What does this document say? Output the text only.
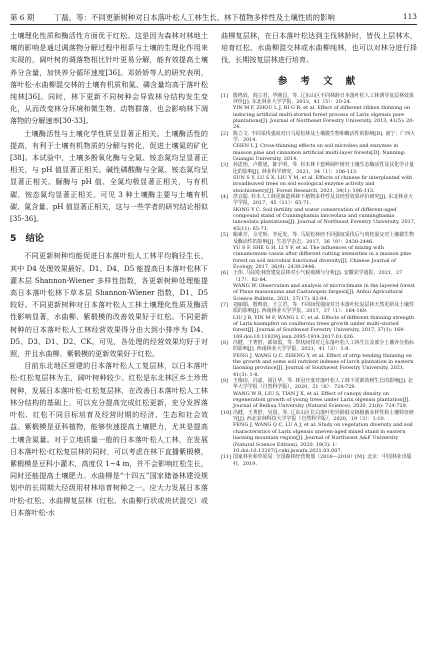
第 6 期	丁磊，等：不同更新树种对日本落叶松人工林生长、林下植物多样性及土壤性质的影响	113

土壤理化性质和酶活性方面优于红松。这是因为森林对林地土壤的影响是通过调落物分解过程中根系与土壤的生理化作用来实现的，阔叶树的调落物相比针叶更易分解，能有效提高土壤养分含量，加快养分循环速度[36]。邓娇娇等人的研究表明，落叶松-水曲柳混交林的土壤有机质和氮、磷含量均高于落叶松纯林[36]。同时，林下更新不同树种会导致林分结构发生变化，从而改变林分环境和微生物、动物群落，也会影响林下凋落物的分解速率[30-33]。

土壤酶活性与土壤化学性质呈显著正相关。土壤酶活性的提高，有利于土壤有机物质的分解与转化，促进土壤氮的矿化[38]。本试验中，土壤多酚氧化酶与全氮、铵态氮均呈显著正相关，与 pH 值显著正相关。碱性磷酸酶与全氮、铵态氮均呈显著正相关。脲酶与 pH 值、全氮均极显著正相关，与有机碳、铵态氮均显著正相关。可见 3 种土壤酶主要与土壤有机碳、氮含量、pH 值显著正相关，这与一些学者的研究结论相似[35-36]。

5　结论

不同更新树种均能促进日本落叶松人工林平均胸径生长，其中 D4 处理效果最好。D1、D4、D5 能提高日本落叶松林下灌木层 Shannon-Wiener 多样性指数，各更新树种处理能提高日本落叶松林下草本层 Shannon-Wiener 指数，D1、D5 较好。不同更新树种对日本落叶松人工林土壤理化性质及酶活性影响显著，水曲柳、紫椴模的改善效果好于红松。不同更新树种的日本落叶松人工林经营效果得分由大到小排序为 D4、D5、D3、D1、D2、CK。可见，各处理的经营效果均好于对照，并且水曲柳、紫椴模的更新效果好于红松。

目前东北地区营建的日本落叶松人工复层林，以日本落叶松-红松复层林为主，阔叶树种较少。红松是东北林区乡土珍贵树种，发展日本落叶松-红松复层林，在改善日本落叶松人工林林分结构的基础上，可以充分提高完成红松更新，充分发挥落叶松、红松不同目标培育及经营时期的经济、生态和社会效益。紫椴模是亚科植物，能够快速提高土壤肥力，尤其是提高土壤含氮量。对于立地质量一般的日本落叶松人工林，在发展日本落叶松-红松复层林的同时，可以考虑在林下直播紫椴模，紫椴模是豆科小灌木，高度仅 1~4 m，并不会影响红松生长，同时还能提高土壤肥力。水曲柳是“十四五”国家储备林建设规划中的长周期大径级用材林培育树种之一。应大力发展日本落叶松-红松、水曲柳复层林（红松、水曲柳行状或块状混交）或日本落叶松-水

曲柳复层林，在日本落叶松达到主伐林龄时，皆伐上层林木，培育红松、水曲柳混交林或水曲柳纯林，也可以对林分进行择伐，长期按复层林进行培育。

参 考 文 献
[1]	殷鸣放，阎立君，毕刚昌，等. 辽东山区不同林龄日本落叶松人工林诱导复层林效果评价[J]. 东北林业大学学报，2013，41（5）：20-24.
YIN M F, ZHOU L J, BI G R, et al. Effect of different ribbon thinning on inducing artificial multi-storied forest process of Larix olgensis pure plantations[J]. Journal of Northeast Forestry University, 2013, 41(5): 20-24.
[2]	陈立文. 不同采伐强度对日马尾松林及土壤微生物和酶活性的影响[D]. 南宁：广西大学，2014.
CHEN L J. Cross-thinning effects on soil microbes and enzymes in masson pine and cinnamon artificial multi-layer forests[D]. Nanning: Guangxi University, 2014.
[3]	孙思怡，卢胜旭，陈宇明，等. 杉木林下套种阔叶树对土壤生态酶活性及其化学计量比的影响[J]. 林业科学研究，2021，34（1）：106-113.
SUN S Y, LU S X, LIU Y M, et al. Effects of chinese fir interplanted with broadleaved trees on soil ecological enzyme activity and stoichiometry[J]. Forest Research, 2021, 34(1): 106-113.
[4]	洪宜聪. 杉木人工林更新造林林下植物多样性及其经营效果评价研究[J]. 东北林业大学学报，2017，45（11）：65-71.
HONG Y C. Soil fertility and water conservation of different-aged compound stand of Cunninghamia lanceolata and cunninghamia lanceolata plantations[J]. Journal of Northeast Forestry University, 2017, 45(11): 65-71.
[5]	喻素芳，佘光辉，李远发，等. 马尾松林经不同强度采伐后与肉桂混交对土壤微生物及酶活性的影响[J]. 生态学杂志，2017，36（9）：2438-2446.
YU S F, SHE G H, LI Y F, et al. The influences of mixing with cinnamomum cassia after different cutting intensities in a masson pine forest on soil microbial functional diversity[J]. Chinese Journal of Ecology, 2017, 36(9): 2438-2446.
[6]	王伟. 马尾松林营建复层林对小气候观测与分析[J]. 安徽农学通报，2021，27（17）：82-84.
WANG W. Observation and analysis of microclimate in the layered forest of Pinus massoniana and Castanopsis fargesii[J]. Anhui Agricultural Science Bulletin, 2021, 27(17): 82-84.
[7]	刘丽娟，殷鸣放，王立君，等. 不同间伐强度对日本落叶松复层林天然更新及土壤性质的影响[J]. 西南林业大学学报，2017，37（1）：164-169.
LIU J B, YIN M F, WANG L C, et al. Effects of different thinning strength of Larix kaempferi on coniferous trees growth under multi-storied forest[J]. Journal of Southwest Forestry University, 2017, 37(1): 164-169.doi:10.11929/j.issn.2095-1914.2017.01.026.
[8]	冯健，王菁舒，邱如霞，等. 带状间伐对辽东落叶松人工林生长及部分土壤养分指标的影响[J]. 西南林业大学学报，2021，41（3）：1-8.
FENG J, WANG Q C, ZHENG Y, et al. Effect of strip tending thinning on the growth and some soil nutrient indexes of larch plantation in eastern liaoning province[J]. Journal of Southwest Forestry University, 2021, 41(3): 1-8.
[9]	王梅田，冯嘉，胡江华，等. 林冠开度对落叶松人工林下更新幼树生长的影响[J]. 北华大学学报（自然科学版），2020，21（6）：724-729.
WANG W R, LIU S, TIAN J X, et al. Effect of canopy density on regeneration growth of young trees under Larix olgensis plantation[J]. Journal of Beihua University (Natural Science), 2020, 21(6): 724-729.
[10] 冯健，王菁舒，吴国，等. 辽东山区长白落叶松异龄混交林植被多样性和土壤特征研究[J]. 西北农林科技大学学报（自然科学版），2020，19（3）：1-10.
FENG J, WANG Q C, LU A J, et al. Study on vegetation diversity and soil characteristics of Larix olgensis uneven-aged mixed stand in eastern liaoning mountain region[J]. Journal of Northwest A&F University (Natural Science Edition), 2020, 19(3): 1-10.doi:10.13207/j.cnki.jnwafu.2021.03.007.
[11] 国家林业和草原局. 全国森林经营规划（2016—2018）[M]. 北京：中国林业出版社，2019.
